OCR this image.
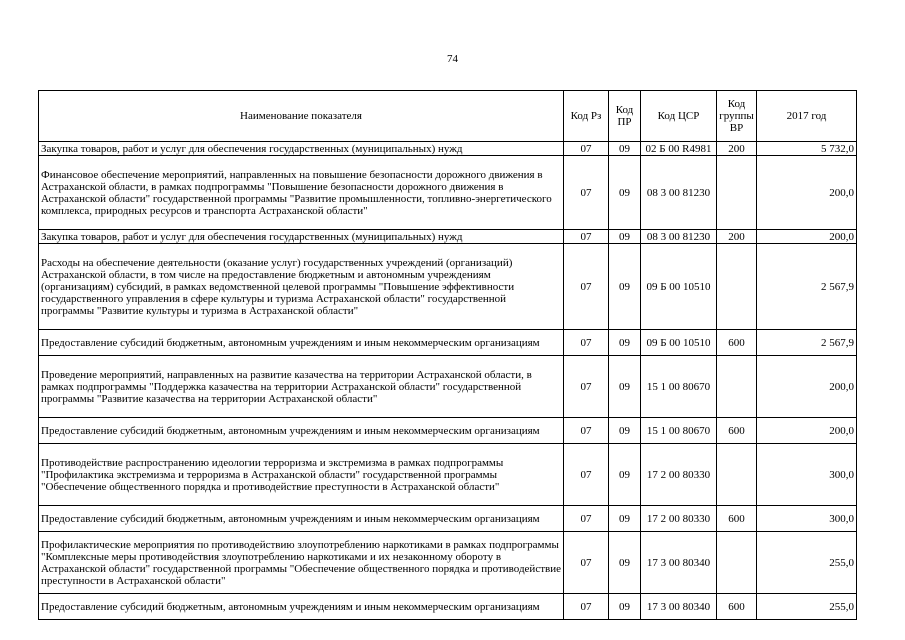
74
Наименование показателя	Код Рз	Код ПР	Код ЦСР	Код группы ВР	2017 год
Закупка товаров, работ и услуг для обеспечения государственных (муниципальных) нужд	07	09	02 Б 00 R4981	200	5 732,0
Финансовое обеспечение мероприятий, направленных на повышение безопасности дорожного движения в Астраханской области, в рамках подпрограммы "Повышение безопасности дорожного движения в Астраханской области" государственной программы "Развитие промышленности, топливно-энергетического комплекса, природных ресурсов и транспорта Астраханской области"	07	09	08 3 00 81230		200,0
Закупка товаров, работ и услуг для обеспечения государственных (муниципальных) нужд	07	09	08 3 00 81230	200	200,0
Расходы на обеспечение деятельности (оказание услуг) государственных учреждений (организаций) Астраханской области, в том числе на предоставление бюджетным и автономным учреждениям (организациям) субсидий, в рамках ведомственной целевой программы "Повышение эффективности государственного управления в сфере культуры и туризма Астраханской области" государственной программы "Развитие культуры и туризма в Астраханской области"	07	09	09 Б 00 10510		2 567,9
Предоставление субсидий бюджетным, автономным учреждениям и иным некоммерческим организациям	07	09	09 Б 00 10510	600	2 567,9
Проведение мероприятий, направленных на развитие казачества на территории Астраханской области, в рамках подпрограммы "Поддержка казачества на территории Астраханской области" государственной программы "Развитие казачества на территории Астраханской области"	07	09	15 1 00 80670		200,0
Предоставление субсидий бюджетным, автономным учреждениям и иным некоммерческим организациям	07	09	15 1 00 80670	600	200,0
Противодействие распространению идеологии терроризма и экстремизма в рамках подпрограммы "Профилактика экстремизма и терроризма в Астраханской области" государственной программы "Обеспечение общественного порядка и противодействие преступности в Астраханской области"	07	09	17 2 00 80330		300,0
Предоставление субсидий бюджетным, автономным учреждениям и иным некоммерческим организациям	07	09	17 2 00 80330	600	300,0
Профилактические мероприятия по противодействию злоупотреблению наркотиками в рамках подпрограммы "Комплексные меры противодействия злоупотреблению наркотиками и их незаконному обороту в Астраханской области" государственной программы "Обеспечение общественного порядка и противодействие преступности в Астраханской области"	07	09	17 3 00 80340		255,0
Предоставление субсидий бюджетным, автономным учреждениям и иным некоммерческим организациям	07	09	17 3 00 80340	600	255,0
